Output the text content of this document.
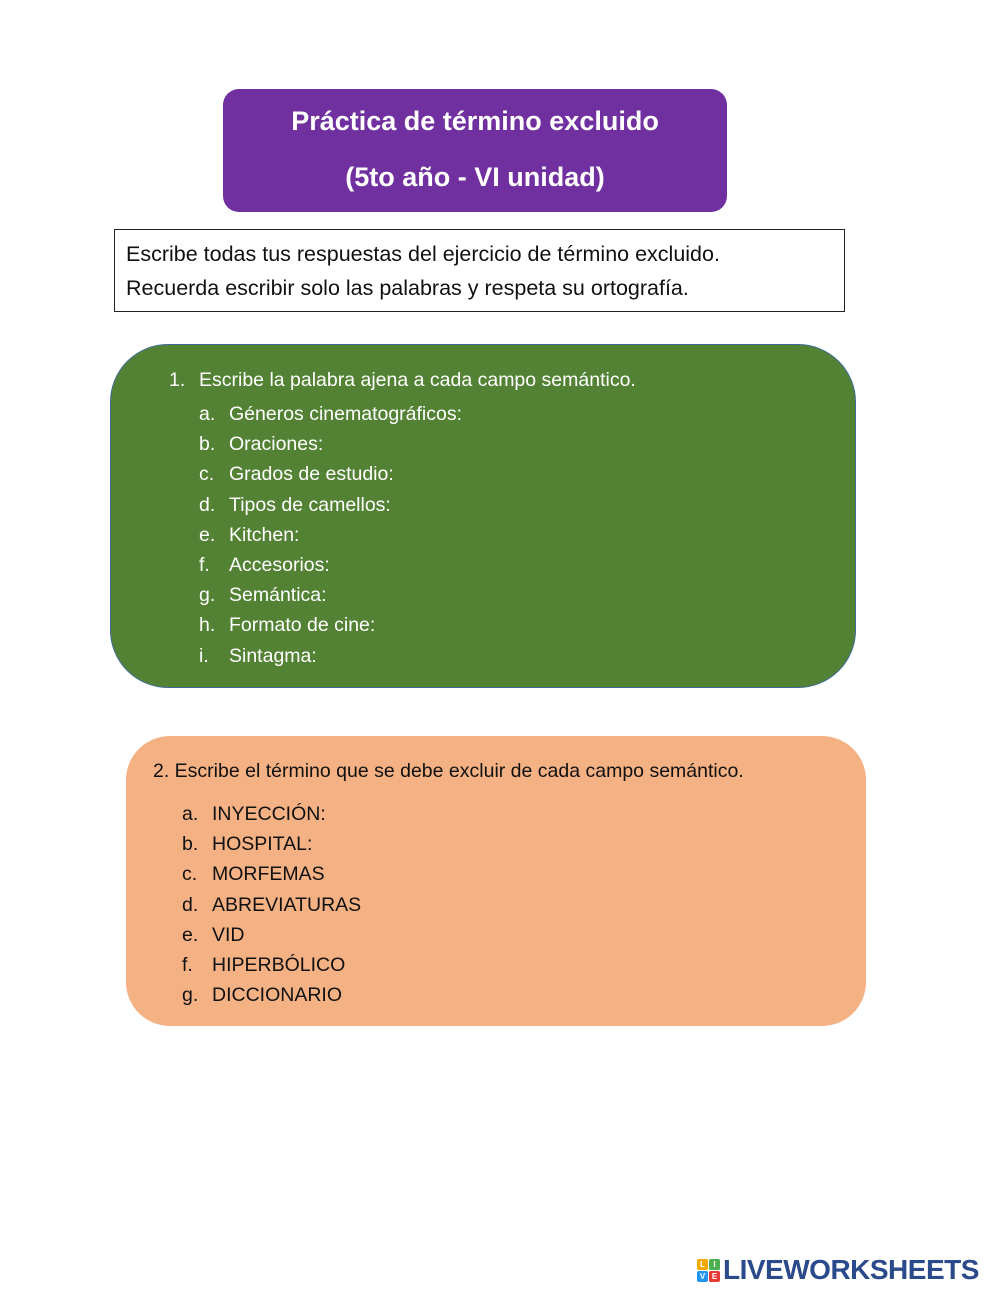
Práctica de término excluido
(5to año - VI unidad)
Escribe todas tus respuestas del ejercicio de término excluido.
Recuerda escribir solo las palabras y respeta su ortografía.
1. Escribe la palabra ajena a cada campo semántico.
a. Géneros cinematográficos:
b. Oraciones:
c. Grados de estudio:
d. Tipos de camellos:
e. Kitchen:
f. Accesorios:
g. Semántica:
h. Formato de cine:
i. Sintagma:
2. Escribe el término que se debe excluir de cada campo semántico.
a. INYECCIÓN:
b. HOSPITAL:
c. MORFEMAS
d. ABREVIATURAS
e. VID
f. HIPERBÓLICO
g. DICCIONARIO
L	I
V E LIVEWORKSHEETS
